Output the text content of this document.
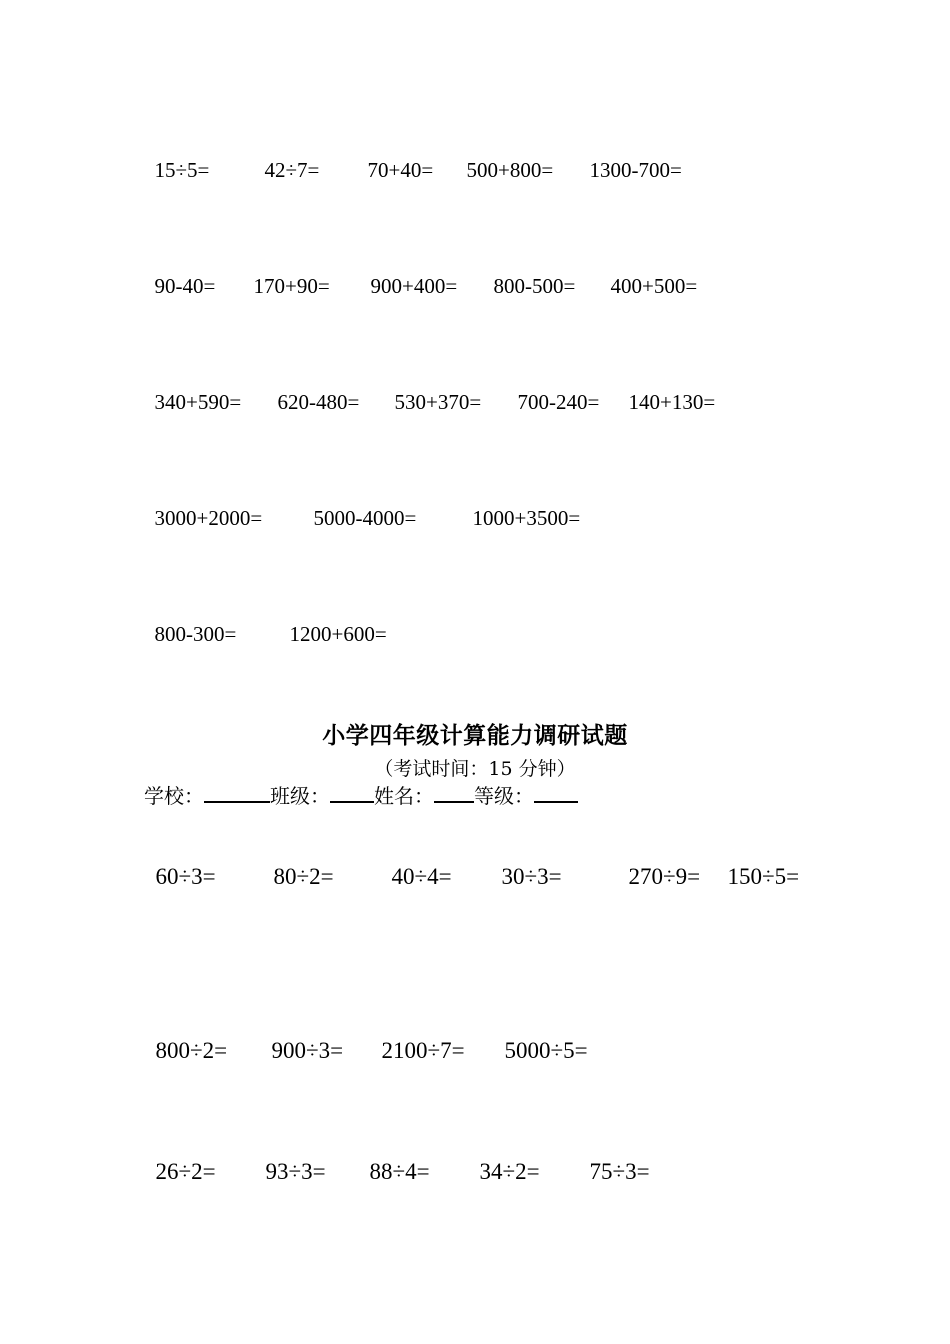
15÷5=	42÷7= 70+40= 500+800= 1300-700=

90-40= 170+90= 900+400= 800-500= 400+500=

340+590= 620-480= 530+370= 700-240= 140+130=

3000+2000= 5000-4000=	1000+3500=

800-300=	1200+600=

小学四年级计算能力调研试题
（考试时间：15 分钟）
学校：	班级： 姓名： 等级：

60÷3=	80÷2=	40÷4= 30÷3=	270÷9= 150÷5=

800÷2= 900÷3= 2100÷7= 5000÷5=

26÷2= 93÷3= 88÷4= 34÷2= 75÷3=
